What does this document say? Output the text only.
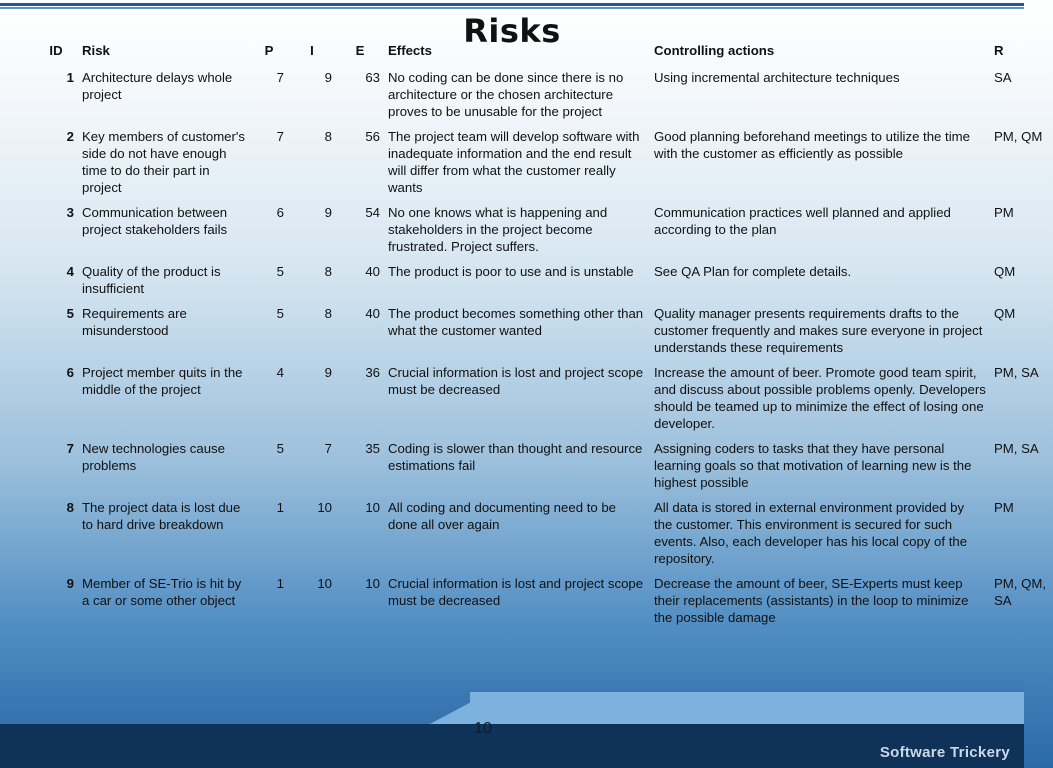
Risks
ID	Risk	P	I	E	Effects	Controlling actions	R
1	Architecture delays whole project	7	9	63	No coding can be done since there is no architecture or the chosen architecture proves to be unusable for the project	Using incremental architecture techniques	SA
2	Key members of customer's side do not have enough time to do their part in project	7	8	56	The project team will develop software with inadequate information and the end result will differ from what the customer really wants	Good planning beforehand meetings to utilize the time with the customer as efficiently as possible	PM, QM
3	Communication between project stakeholders fails	6	9	54	No one knows what is happening and stakeholders in the project become frustrated. Project suffers.	Communication practices well planned and applied according to the plan	PM
4	Quality of the product is insufficient	5	8	40	The product is poor to use and is unstable	See QA Plan for complete details.	QM
5	Requirements are misunderstood	5	8	40	The product becomes something other than what the customer wanted	Quality manager presents requirements drafts to the customer frequently and makes sure everyone in project understands these requirements	QM
6	Project member quits in the middle of the project	4	9	36	Crucial information is lost and project scope must be decreased	Increase the amount of beer. Promote good team spirit, and discuss about possible problems openly. Developers should be teamed up to minimize the effect of losing one developer.	PM, SA
7	New technologies cause problems	5	7	35	Coding is slower than thought and resource estimations fail	Assigning coders to tasks that they have personal learning goals so that motivation of learning new is the highest possible	PM, SA
8	The project data is lost due to hard drive breakdown	1	10	10	All coding and documenting need to be done all over again	All data is stored in external environment provided by the customer. This environment is secured for such events. Also, each developer has his local copy of the repository.	PM
9	Member of SE-Trio is hit by a car or some other object	1	10	10	Crucial information is lost and project scope must be decreased	Decrease the amount of beer, SE-Experts must keep their replacements (assistants) in the loop to minimize the possible damage	PM, QM, SA
10
Software Trickery
